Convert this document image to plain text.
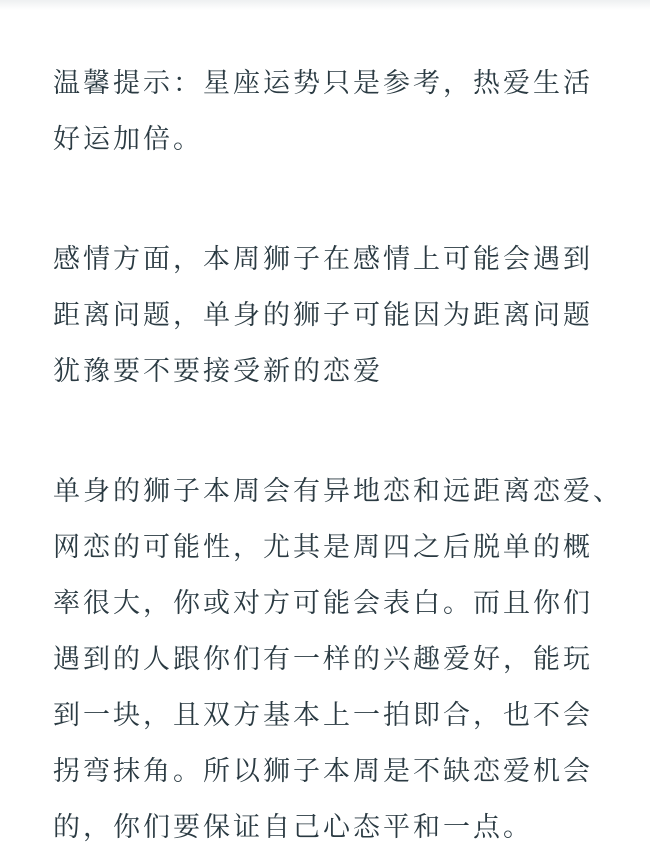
温馨提示：星座运势只是参考，热爱生活
好运加倍。

感情方面，本周狮子在感情上可能会遇到
距离问题，单身的狮子可能因为距离问题
犹豫要不要接受新的恋爱

单身的狮子本周会有异地恋和远距离恋爱、
网恋的可能性，尤其是周四之后脱单的概
率很大，你或对方可能会表白。而且你们
遇到的人跟你们有一样的兴趣爱好，能玩
到一块，且双方基本上一拍即合，也不会
拐弯抹角。所以狮子本周是不缺恋爱机会
的，你们要保证自己心态平和一点。
